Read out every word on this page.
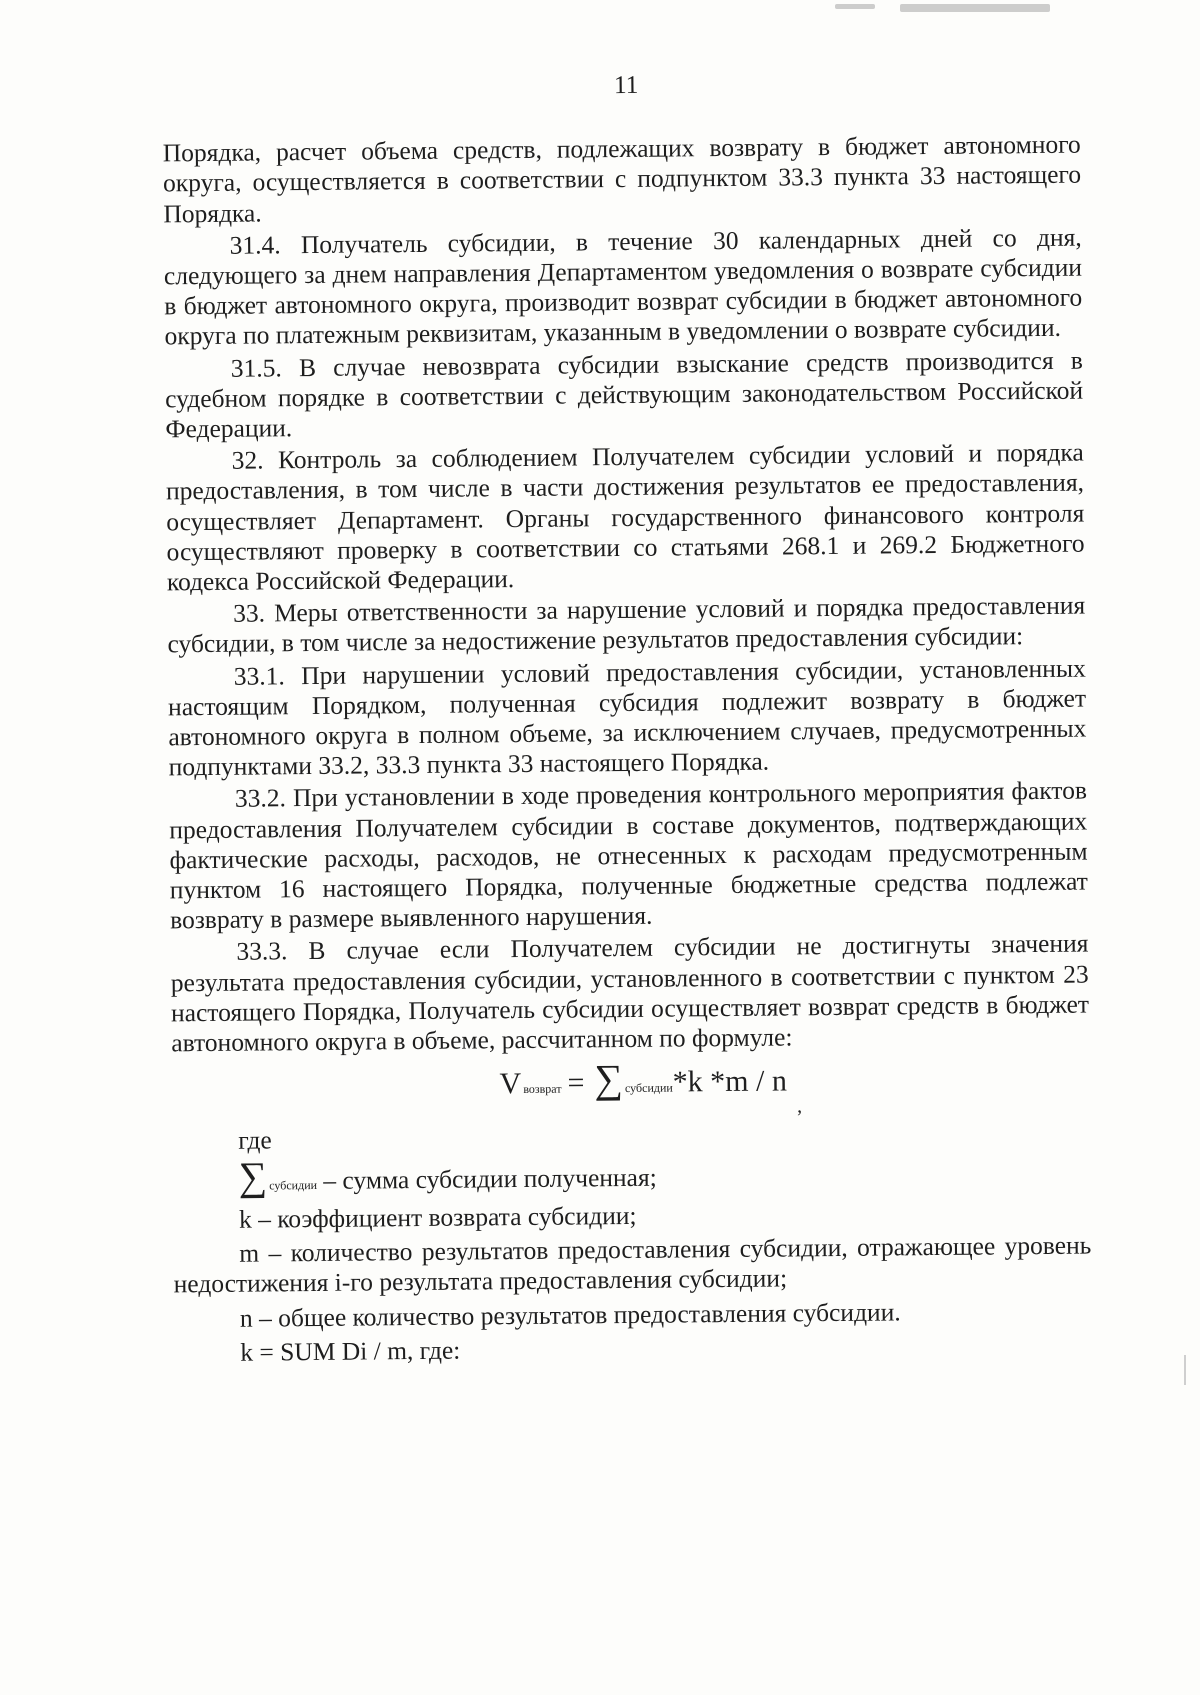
11

Порядка, расчет объема средств, подлежащих возврату в бюджет автономного округа, осуществляется в соответствии с подпунктом 33.3 пункта 33 настоящего Порядка.

31.4. Получатель субсидии, в течение 30 календарных дней со дня, следующего за днем направления Департаментом уведомления о возврате субсидии в бюджет автономного округа, производит возврат субсидии в бюджет автономного округа по платежным реквизитам, указанным в уведомлении о возврате субсидии.

31.5. В случае невозврата субсидии взыскание средств производится в судебном порядке в соответствии с действующим законодательством Российской Федерации.

32. Контроль за соблюдением Получателем субсидии условий и порядка предоставления, в том числе в части достижения результатов ее предоставления, осуществляет Департамент. Органы государственного финансового контроля осуществляют проверку в соответствии со статьями 268.1 и 269.2 Бюджетного кодекса Российской Федерации.

33. Меры ответственности за нарушение условий и порядка предоставления субсидии, в том числе за недостижение результатов предоставления субсидии:

33.1. При нарушении условий предоставления субсидии, установленных настоящим Порядком, полученная субсидия подлежит возврату в бюджет автономного округа в полном объеме, за исключением случаев, предусмотренных подпунктами 33.2, 33.3 пункта 33 настоящего Порядка.

33.2. При установлении в ходе проведения контрольного мероприятия фактов предоставления Получателем субсидии в составе документов, подтверждающих фактические расходы, расходов, не отнесенных к расходам предусмотренным пунктом 16 настоящего Порядка, полученные бюджетные средства подлежат возврату в размере выявленного нарушения.

33.3. В случае если Получателем субсидии не достигнуты значения результата предоставления субсидии, установленного в соответствии с пунктом 23 настоящего Порядка, Получатель субсидии осуществляет возврат средств в бюджет автономного округа в объеме, рассчитанном по формуле:

V возврат = ∑ субсидии *k *m / n
,
где
∑ субсидии – сумма субсидии полученная;
k – коэффициент возврата субсидии;
m – количество результатов предоставления субсидии, отражающее уровень недостижения i-го результата предоставления субсидии;
n – общее количество результатов предоставления субсидии.
k = SUM Di / m, где:
